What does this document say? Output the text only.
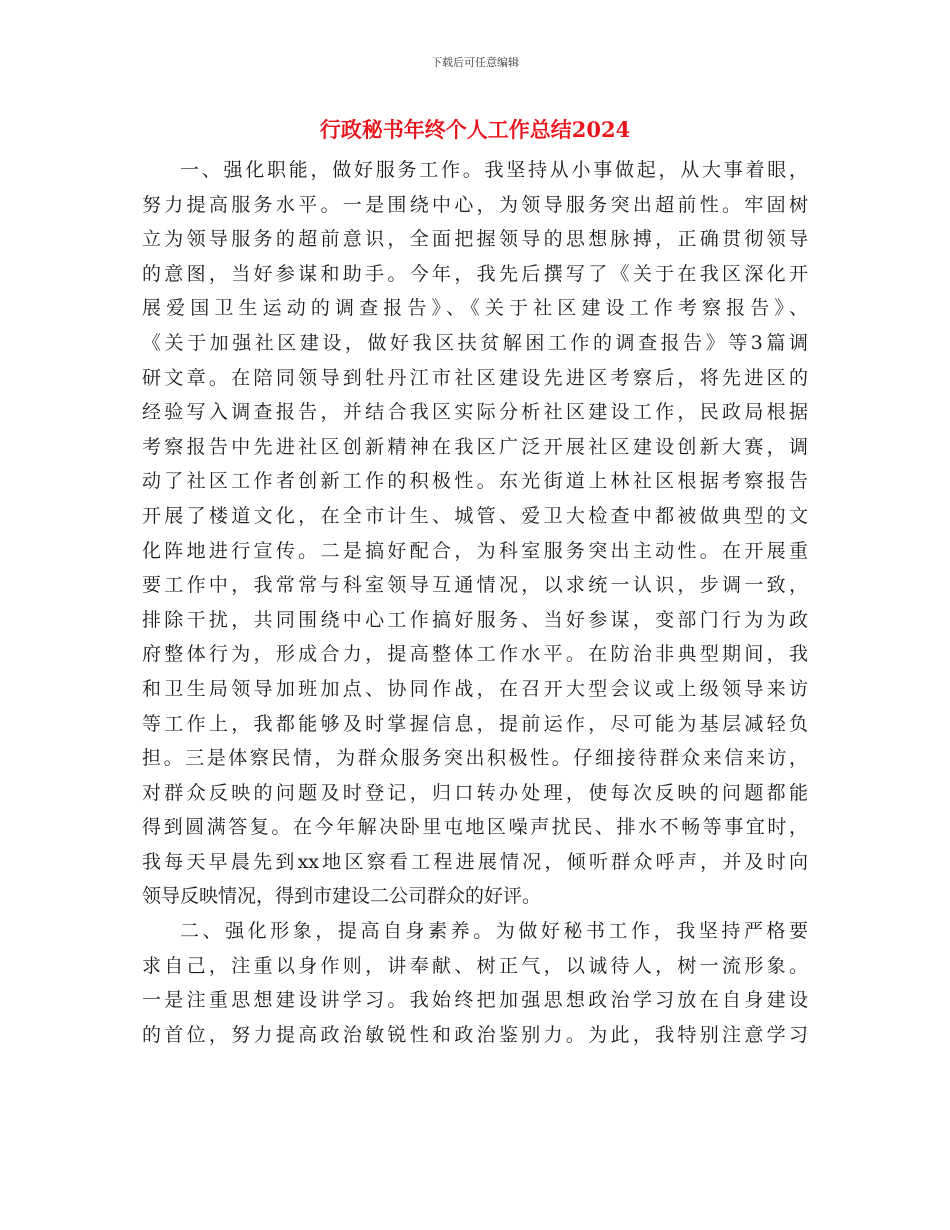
下载后可任意编辑
行政秘书年终个人工作总结2024
一、强化职能，做好服务工作。我坚持从小事做起，从大事着眼，
努力提高服务水平。一是围绕中心，为领导服务突出超前性。牢固树
立为领导服务的超前意识，全面把握领导的思想脉搏，正确贯彻领导
的意图，当好参谋和助手。今年，我先后撰写了《关于在我区深化开
展爱国卫生运动的调查报告》、《关于社区建设工作考察报告》、
《关于加强社区建设，做好我区扶贫解困工作的调查报告》等3篇调
研文章。在陪同领导到牡丹江市社区建设先进区考察后，将先进区的
经验写入调查报告，并结合我区实际分析社区建设工作，民政局根据
考察报告中先进社区创新精神在我区广泛开展社区建设创新大赛，调
动了社区工作者创新工作的积极性。东光街道上林社区根据考察报告
开展了楼道文化，在全市计生、城管、爱卫大检查中都被做典型的文
化阵地进行宣传。二是搞好配合，为科室服务突出主动性。在开展重
要工作中，我常常与科室领导互通情况，以求统一认识，步调一致，
排除干扰，共同围绕中心工作搞好服务、当好参谋，变部门行为为政
府整体行为，形成合力，提高整体工作水平。在防治非典型期间，我
和卫生局领导加班加点、协同作战，在召开大型会议或上级领导来访
等工作上，我都能够及时掌握信息，提前运作，尽可能为基层减轻负
担。三是体察民情，为群众服务突出积极性。仔细接待群众来信来访，
对群众反映的问题及时登记，归口转办处理，使每次反映的问题都能
得到圆满答复。在今年解决卧里屯地区噪声扰民、排水不畅等事宜时，
我每天早晨先到xx地区察看工程进展情况，倾听群众呼声，并及时向
领导反映情况，得到市建设二公司群众的好评。
二、强化形象，提高自身素养。为做好秘书工作，我坚持严格要
求自己，注重以身作则，讲奉献、树正气，以诚待人，树一流形象。
一是注重思想建设讲学习。我始终把加强思想政治学习放在自身建设
的首位，努力提高政治敏锐性和政治鉴别力。为此，我特别注意学习
